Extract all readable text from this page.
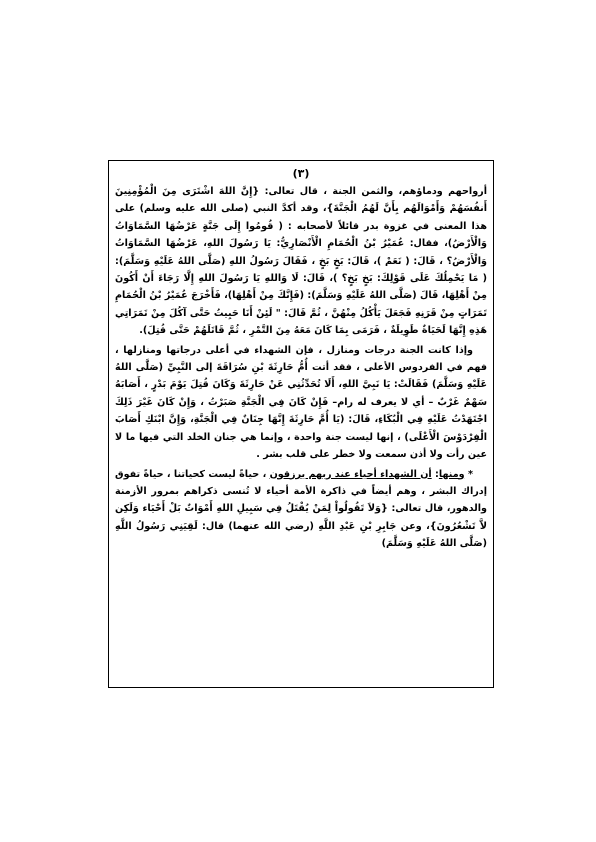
(٣)

أرواحهم ودماؤهم، والثمن الجنة ، قال تعالى: {إِنَّ اللهَ اشْتَرَى مِنَ الْمُؤْمِنِينَ أَنفُسَهُمْ وَأَمْوَالَهُم بِأَنَّ لَهُمُ الْجَنَّةَ}، وقد أكدَّ النبي (صلى الله عليه وسلم) على هذا المعنى في غزوة بدر قائلاً لأصحابه : ( قُومُوا إِلَى جَنَّةٍ عَرْضُهَا السَّمَاوَاتُ وَالْأَرْضُ)، فقال: عُمَيْرُ بْنُ الْحُمَامِ الْأَنْصَارِيُّ: يَا رَسُولَ اللهِ، عَرْضُهَا السَّمَاوَاتُ وَالْأَرْضُ؟ ، قَالَ: ( نَعَمْ )، قَالَ: بَخٍ بَخٍ ، فَقَالَ رَسُولُ اللهِ (صَلَّى اللهُ عَلَيْهِ وَسَلَّمَ): ( مَا يَحْمِلُكَ عَلَى قَوْلِكَ: بَخٍ بَخٍ؟ )، قَالَ: لَا وَاللهِ يَا رَسُولَ اللهِ إِلَّا رَجَاءَ أَنْ أَكُونَ مِنْ أَهْلِهَا، قَالَ (صَلَّى اللهُ عَلَيْهِ وَسَلَّمَ): (فَإِنَّكَ مِنْ أَهْلِهَا)، فَأَخْرَجَ عُمَيْرُ بْنُ الْحُمَامِ تَمَرَاتٍ مِنْ قَرَنِهِ فَجَعَلَ يَأْكُلُ مِنْهُنَّ ، ثُمَّ قَالَ: " لَئِنْ أَنَا حَيِيتُ حَتَّى آكُلَ مِنْ تَمَرَاتِي هَذِهِ إِنَّهَا لَحَيَاةٌ طَوِيلَةٌ ، فَرَمَى بِمَا كَانَ مَعَهُ مِنَ التَّمْرِ ، ثُمَّ قَاتَلَهُمْ حَتَّى قُتِلَ).

وإذا كانت الجنة درجات ومنازل ، فإن الشهداء في أعلى درجاتها ومنازلها ، فهم في الفردوس الأعلى ، فقد أتت أُمُّ حَارِثَةَ بْنِ سُرَاقَةَ إلى النَّبِيِّ (صَلَّى اللهُ عَلَيْهِ وَسَلَّمَ) فَقَالَتْ: يَا نَبِيَّ اللهِ، أَلَا تُحَدِّثُنِي عَنْ حَارِثَةَ وَكَانَ قُتِلَ يَوْمَ بَدْرٍ ، أَصَابَهُ سَهْمٌ غَرْبٌ – أي لا يعرف له رام– فَإِنْ كَانَ فِي الْجَنَّةِ صَبَرْتُ ، وَإِنْ كَانَ غَيْرَ ذَلِكَ اجْتَهَدْتُ عَلَيْهِ فِي الْبُكَاءِ، قَالَ: (يَا أُمَّ حَارِثَةَ إِنَّهَا جِنَانٌ فِي الْجَنَّةِ، وَإِنَّ ابْنَكِ أَصَابَ الْفِرْدَوْسَ الْأَعْلَى) ، إنها ليست جنة واحدة ، وإنما هي جنان الخلد التي فيها ما لا عين رأت ولا أذن سمعت ولا خطر على قلب بشر .

* ومنها: أن الشهداء أحياء عند ربهم يرزقون ، حياةً ليست كحياتنا ، حياةً تفوق إدراك البشر ، وهم أيضاً في ذاكرة الأمة أحياء لا تُنسى ذكراهم بمرور الأزمنة والدهور، قال تعالى: {وَلاَ تَقُولُواْ لِمَنْ يُقْتَلُ فِي سَبِيلِ اللهِ أَمْوَاتٌ بَلْ أَحْيَاء وَلَكِن لاَّ تَشْعُرُونَ}، وعن جَابِرِ بْنِ عَبْدِ اللَّهِ (رضي الله عنهما) قال: لَقِيَنِي رَسُولُ اللَّهِ (صَلَّى اللهُ عَلَيْهِ وَسَلَّمَ)
